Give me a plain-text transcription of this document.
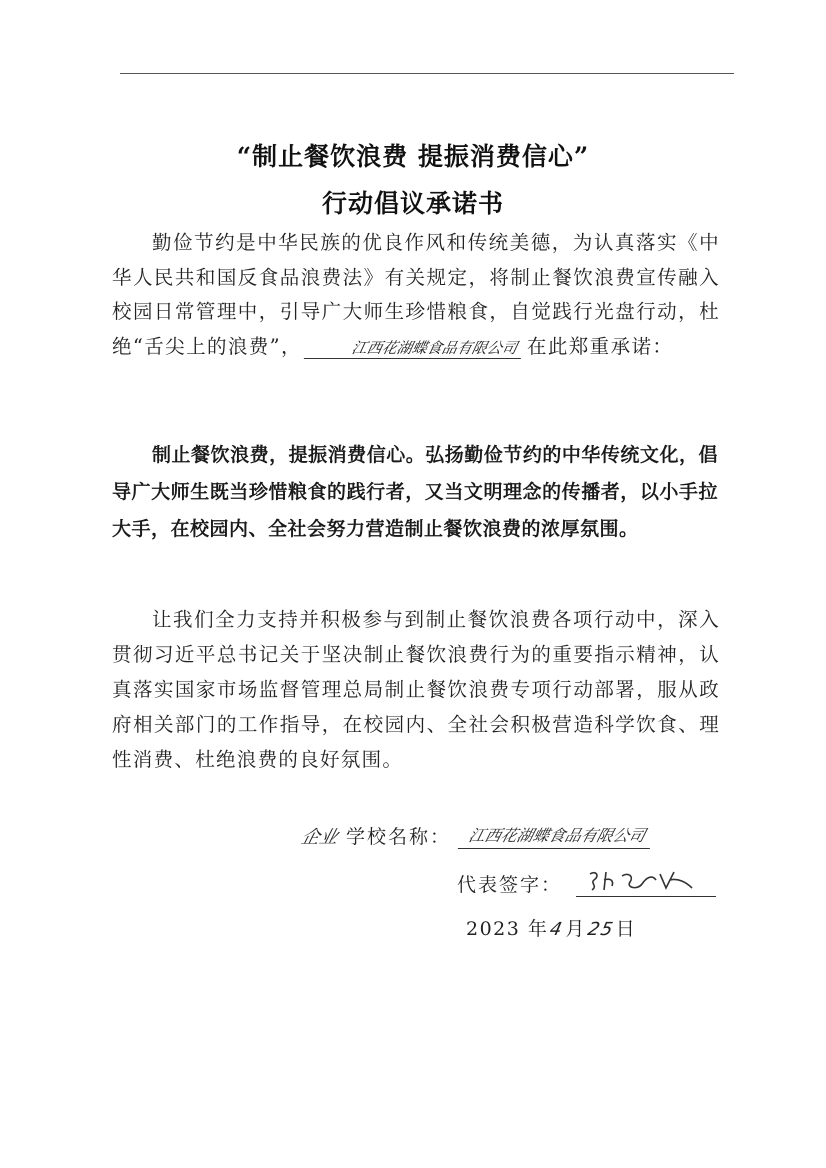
“制止餐饮浪费 提振消费信心”
行动倡议承诺书

勤俭节约是中华民族的优良作风和传统美德，为认真落实《中华人民共和国反食品浪费法》有关规定，将制止餐饮浪费宣传融入校园日常管理中，引导广大师生珍惜粮食，自觉践行光盘行动，杜绝“舌尖上的浪费”，	江西花湖蝶食品有限公司 在此郑重承诺：

制止餐饮浪费，提振消费信心。弘扬勤俭节约的中华传统文化，倡导广大师生既当珍惜粮食的践行者，又当文明理念的传播者，以小手拉大手，在校园内、全社会努力营造制止餐饮浪费的浓厚氛围。

让我们全力支持并积极参与到制止餐饮浪费各项行动中，深入贯彻习近平总书记关于坚决制止餐饮浪费行为的重要指示精神，认真落实国家市场监督管理总局制止餐饮浪费专项行动部署，服从政府相关部门的工作指导，在校园内、全社会积极营造科学饮食、理性消费、杜绝浪费的良好氛围。

企业 学校名称： 江西花湖蝶食品有限公司
代表签字：
2023 年 4 月 25 日
